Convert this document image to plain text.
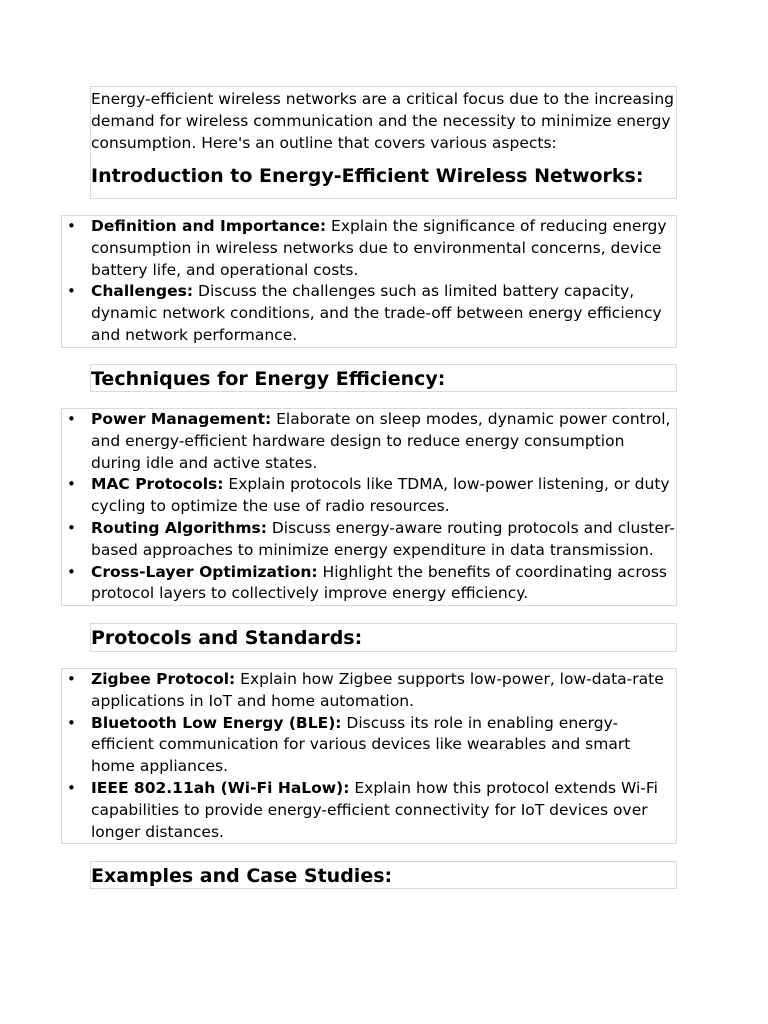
Energy-efficient wireless networks are a critical focus due to the increasing demand for wireless communication and the necessity to minimize energy consumption. Here's an outline that covers various aspects:

Introduction to Energy-Efficient Wireless Networks:
• Definition and Importance: Explain the significance of reducing energy consumption in wireless networks due to environmental concerns, device battery life, and operational costs.
• Challenges: Discuss the challenges such as limited battery capacity, dynamic network conditions, and the trade-off between energy efficiency and network performance.
Techniques for Energy Efficiency:
• Power Management: Elaborate on sleep modes, dynamic power control, and energy-efficient hardware design to reduce energy consumption during idle and active states.
• MAC Protocols: Explain protocols like TDMA, low-power listening, or duty cycling to optimize the use of radio resources.
• Routing Algorithms: Discuss energy-aware routing protocols and cluster-based approaches to minimize energy expenditure in data transmission.
• Cross-Layer Optimization: Highlight the benefits of coordinating across protocol layers to collectively improve energy efficiency.
Protocols and Standards:
• Zigbee Protocol: Explain how Zigbee supports low-power, low-data-rate applications in IoT and home automation.
• Bluetooth Low Energy (BLE): Discuss its role in enabling energy-efficient communication for various devices like wearables and smart home appliances.
• IEEE 802.11ah (Wi-Fi HaLow): Explain how this protocol extends Wi-Fi capabilities to provide energy-efficient connectivity for IoT devices over longer distances.
Examples and Case Studies:
